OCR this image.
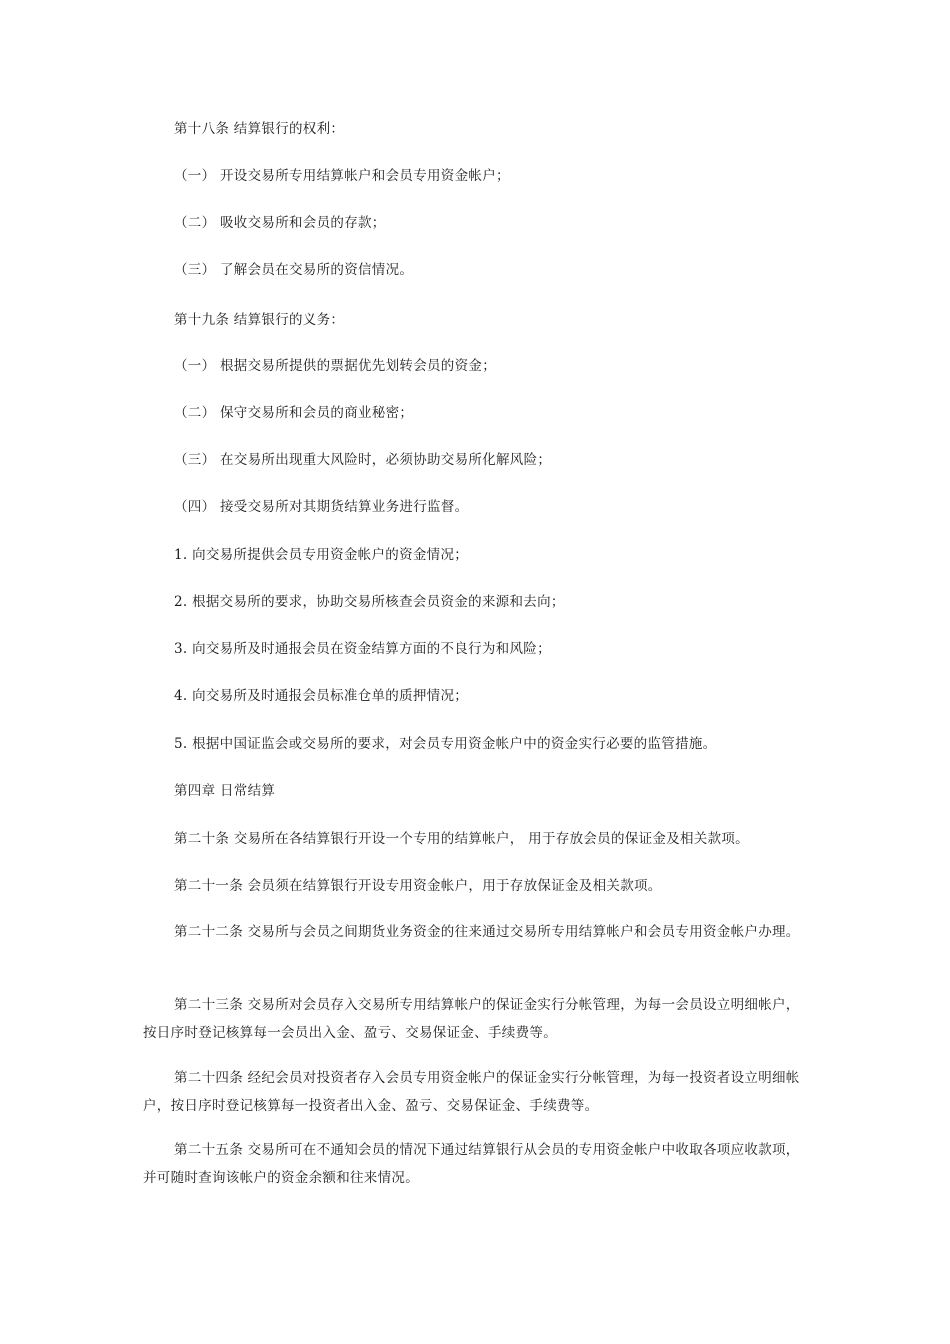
第十八条 结算银行的权利：
（一） 开设交易所专用结算帐户和会员专用资金帐户；
（二） 吸收交易所和会员的存款；
（三） 了解会员在交易所的资信情况。
第十九条 结算银行的义务：
（一） 根据交易所提供的票据优先划转会员的资金；
（二） 保守交易所和会员的商业秘密；
（三） 在交易所出现重大风险时，必须协助交易所化解风险；
（四） 接受交易所对其期货结算业务进行监督。
1. 向交易所提供会员专用资金帐户的资金情况；
2. 根据交易所的要求，协助交易所核查会员资金的来源和去向；
3. 向交易所及时通报会员在资金结算方面的不良行为和风险；
4. 向交易所及时通报会员标准仓单的质押情况；
5. 根据中国证监会或交易所的要求，对会员专用资金帐户中的资金实行必要的监管措施。
第四章 日常结算
第二十条 交易所在各结算银行开设一个专用的结算帐户， 用于存放会员的保证金及相关款项。
第二十一条 会员须在结算银行开设专用资金帐户，用于存放保证金及相关款项。
第二十二条 交易所与会员之间期货业务资金的往来通过交易所专用结算帐户和会员专用资金帐户办理。
第二十三条 交易所对会员存入交易所专用结算帐户的保证金实行分帐管理，为每一会员设立明细帐户，按日序时登记核算每一会员出入金、盈亏、交易保证金、手续费等。
第二十四条 经纪会员对投资者存入会员专用资金帐户的保证金实行分帐管理，为每一投资者设立明细帐户，按日序时登记核算每一投资者出入金、盈亏、交易保证金、手续费等。
第二十五条 交易所可在不通知会员的情况下通过结算银行从会员的专用资金帐户中收取各项应收款项，并可随时查询该帐户的资金余额和往来情况。
